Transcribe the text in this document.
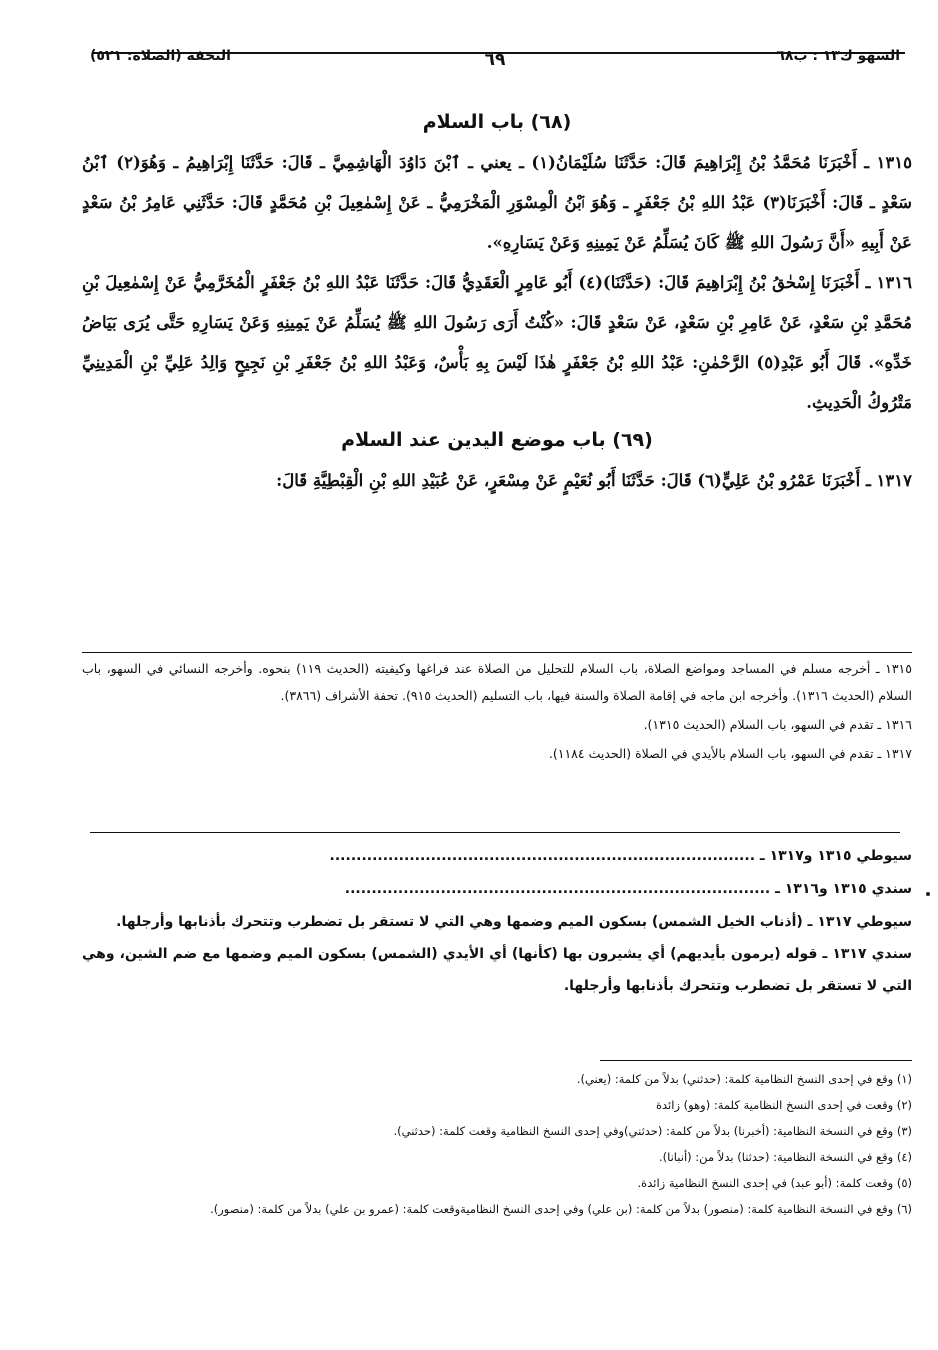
السهو ك١٣ : ب٦٨
٦٩
التحفة (الصلاة: ٥٢١)
(٦٨) باب السلام

١٣١٥ ـ أَخْبَرَنَا مُحَمَّدُ بْنُ إِبْرَاهِيمَ قَالَ: حَدَّثَنَا سُلَيْمَانُ(١) ـ يعني ـ ٱبْنَ دَاوُدَ الْهَاشِمِيَّ ـ قَالَ: حَدَّثَنَا إِبْرَاهِيمُ ـ وَهُوَ(٢) ٱبْنُ سَعْدٍ ـ قَالَ: أَخْبَرَنَا(٣) عَبْدُ اللهِ بْنُ جَعْفَرٍ ـ وَهُوَ ٱبْنُ الْمِسْوَرِ الْمَخْرَمِيُّ ـ عَنْ إِسْمٰعِيلَ بْنِ مُحَمَّدٍ قَالَ: حَدَّثَنِي عَامِرُ بْنُ سَعْدٍ عَنْ أَبِيهِ «أَنَّ رَسُولَ اللهِ ﷺ كَانَ يُسَلِّمُ عَنْ يَمِينِهِ وَعَنْ يَسَارِهِ».

١٣١٦ ـ أَخْبَرَنَا إِسْحٰقُ بْنُ إِبْرَاهِيمَ قَالَ: (حَدَّثَنَا)(٤) أَبُو عَامِرٍ الْعَقَدِيُّ قَالَ: حَدَّثَنَا عَبْدُ اللهِ بْنُ جَعْفَرٍ الْمُخَرَّمِيُّ عَنْ إِسْمٰعِيلَ بْنِ مُحَمَّدِ بْنِ سَعْدٍ، عَنْ عَامِرِ بْنِ سَعْدٍ، عَنْ سَعْدٍ قَالَ: «كُنْتُ أَرَى رَسُولَ اللهِ ﷺ يُسَلِّمُ عَنْ يَمِينِهِ وَعَنْ يَسَارِهِ حَتَّى يُرَى بَيَاضُ خَدِّهِ». قَالَ أَبُو عَبْدِ(٥) الرَّحْمٰنِ: عَبْدُ اللهِ بْنُ جَعْفَرٍ هٰذَا لَيْسَ بِهِ بَأْسٌ، وَعَبْدُ اللهِ بْنُ جَعْفَرِ بْنِ نَجِيحٍ وَالِدُ عَلِيِّ بْنِ الْمَدِينِيِّ مَتْرُوكُ الْحَدِيثِ.

(٦٩) باب موضع اليدين عند السلام

١٣١٧ ـ أَخْبَرَنَا عَمْرُو بْنُ عَلِيٍّ(٦) قَالَ: حَدَّثَنَا أَبُو نُعَيْمٍ عَنْ مِسْعَرٍ، عَنْ عُبَيْدِ اللهِ بْنِ الْقِبْطِيَّةِ قَالَ:

١٣١٥ ـ أخرجه مسلم في المساجد ومواضع الصلاة، باب السلام للتحليل من الصلاة عند فراغها وكيفيته (الحديث ١١٩) بنحوه. وأخرجه النسائي في السهو، باب السلام (الحديث ١٣١٦). وأخرجه ابن ماجه في إقامة الصلاة والسنة فيها، باب التسليم (الحديث ٩١٥). تحفة الأشراف (٣٨٦٦).

١٣١٦ ـ تقدم في السهو، باب السلام (الحديث ١٣١٥).

١٣١٧ ـ تقدم في السهو، باب السلام بالأيدي في الصلاة (الحديث ١١٨٤).

سيوطي ١٣١٥ و١٣١٧ ـ ................................................................................
سندي ١٣١٥ و١٣١٦ ـ ................................................................................

سيوطي ١٣١٧ ـ (أذناب الخيل الشمس) بسكون الميم وضمها وهي التي لا تستقر بل تضطرب وتتحرك بأذنابها وأرجلها.

سندي ١٣١٧ ـ قوله (يرمون بأيديهم) أي يشيرون بها (كأنها) أي الأيدي (الشمس) بسكون الميم وضمها مع ضم الشين، وهي التي لا تستقر بل تضطرب وتتحرك بأذنابها وأرجلها.

(١) وقع في إحدى النسخ النظامية كلمة: (حدثني) بدلاً من كلمة: (يعني).

(٢) وقعت في إحدى النسخ النظامية كلمة: (وهو) زائدة

(٣) وقع في النسخة النظامية: (أخبرنا) بدلاً من كلمة: (حدثني)وفي إحدى النسخ النظامية وقعت كلمة: (حدثني).

(٤) وقع في النسخة النظامية: (حدثنا) بدلاً من: (أنبانا).

(٥) وقعت كلمة: (أبو عبد) في إحدى النسخ النظامية زائدة.

(٦) وقع في النسخة النظامية كلمة: (منصور) بدلاً من كلمة: (بن علي) وفي إحدى النسخ النظاميةوقعت كلمة: (عمرو بن علي) بدلاً من كلمة: (منصور).
